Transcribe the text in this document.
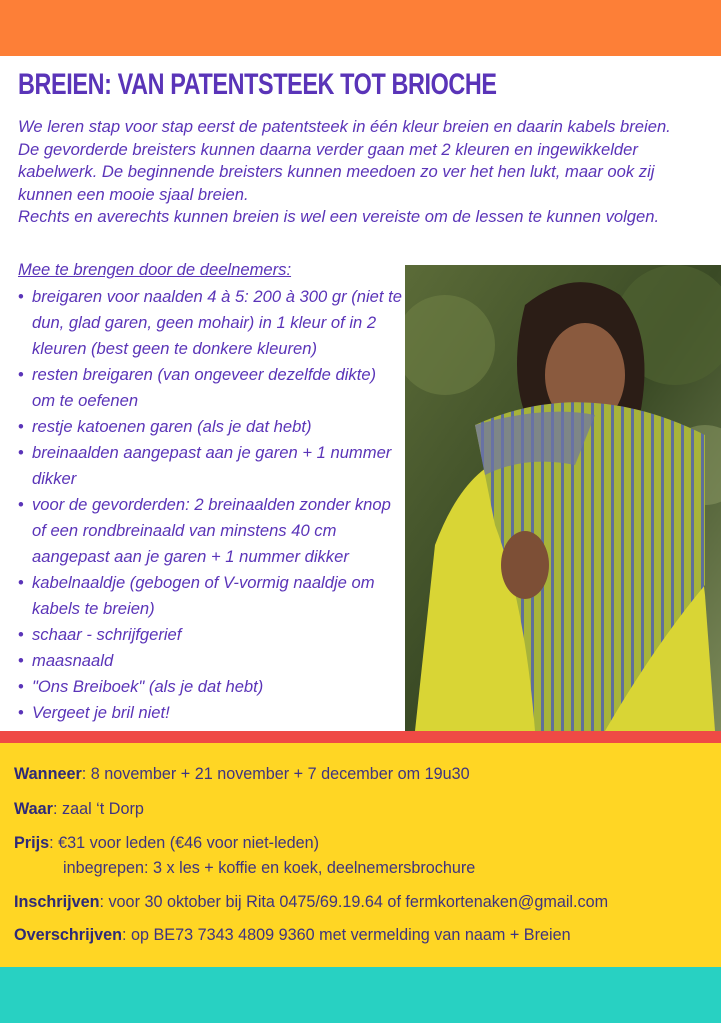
BREIEN: VAN PATENTSTEEK TOT BRIOCHE

We leren stap voor stap eerst de patentsteek in één kleur breien en daarin kabels breien.

De gevorderde breisters kunnen daarna verder gaan met 2 kleuren en ingewikkelder

kabelwerk. De beginnende breisters kunnen meedoen zo ver het hen lukt, maar ook zij

kunnen een mooie sjaal breien.

Rechts en averechts kunnen breien is wel een vereiste om de lessen te kunnen volgen.

Mee te brengen door de deelnemers:
• breigaren voor naalden 4 à 5: 200 à 300 gr (niet te dun, glad garen, geen mohair) in 1 kleur of in 2 kleuren (best geen te donkere kleuren)
• resten breigaren (van ongeveer dezelfde dikte) om te oefenen
• restje katoenen garen (als je dat hebt)
• breinaalden aangepast aan je garen + 1 nummer dikker
• voor de gevorderden: 2 breinaalden zonder knop of een rondbreinaald van minstens 40 cm aangepast aan je garen + 1 nummer dikker
• kabelnaaldje (gebogen of V-vormig naaldje om kabels te breien)
• schaar - schrijfgerief
• maasnaald
• "Ons Breiboek" (als je dat hebt)
• Vergeet je bril niet!
Wanneer: 8 november + 21 november + 7 december om 19u30
Waar: zaal ‘t Dorp
Prijs: €31 voor leden (€46 voor niet-leden)
inbegrepen: 3 x les + koffie en koek, deelnemersbrochure
Inschrijven: voor 30 oktober bij Rita 0475/69.19.64 of fermkortenaken@gmail.com
Overschrijven: op BE73 7343 4809 9360 met vermelding van naam + Breien
